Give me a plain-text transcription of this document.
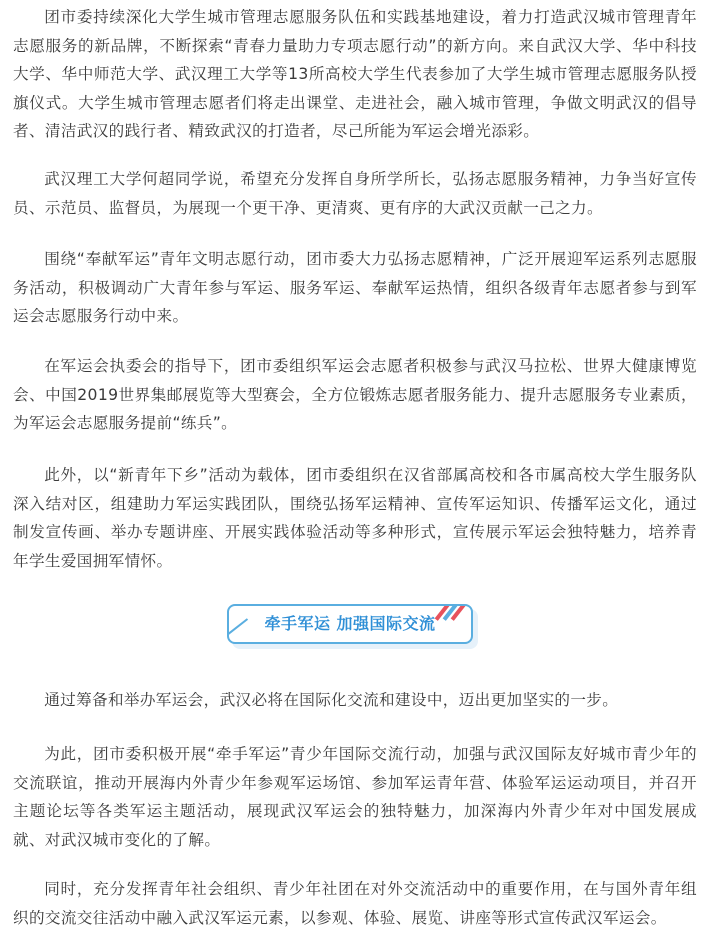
团市委持续深化大学生城市管理志愿服务队伍和实践基地建设，着力打造武汉城市管理青年志愿服务的新品牌，不断探索“青春力量助力专项志愿行动”的新方向。来自武汉大学、华中科技大学、华中师范大学、武汉理工大学等13所高校大学生代表参加了大学生城市管理志愿服务队授旗仪式。大学生城市管理志愿者们将走出课堂、走进社会，融入城市管理，争做文明武汉的倡导者、清洁武汉的践行者、精致武汉的打造者，尽己所能为军运会增光添彩。

武汉理工大学何超同学说，希望充分发挥自身所学所长，弘扬志愿服务精神，力争当好宣传员、示范员、监督员，为展现一个更干净、更清爽、更有序的大武汉贡献一己之力。

围绕“奉献军运”青年文明志愿行动，团市委大力弘扬志愿精神，广泛开展迎军运系列志愿服务活动，积极调动广大青年参与军运、服务军运、奉献军运热情，组织各级青年志愿者参与到军运会志愿服务行动中来。

在军运会执委会的指导下，团市委组织军运会志愿者积极参与武汉马拉松、世界大健康博览会、中国2019世界集邮展览等大型赛会，全方位锻炼志愿者服务能力、提升志愿服务专业素质，为军运会志愿服务提前“练兵”。

此外，以“新青年下乡”活动为载体，团市委组织在汉省部属高校和各市属高校大学生服务队深入结对区，组建助力军运实践团队，围绕弘扬军运精神、宣传军运知识、传播军运文化，通过制发宣传画、举办专题讲座、开展实践体验活动等多种形式，宣传展示军运会独特魅力，培养青年学生爱国拥军情怀。

牵手军运 加强国际交流

通过筹备和举办军运会，武汉必将在国际化交流和建设中，迈出更加坚实的一步。

为此，团市委积极开展“牵手军运”青少年国际交流行动，加强与武汉国际友好城市青少年的交流联谊，推动开展海内外青少年参观军运场馆、参加军运青年营、体验军运运动项目，并召开主题论坛等各类军运主题活动，展现武汉军运会的独特魅力，加深海内外青少年对中国发展成就、对武汉城市变化的了解。

同时，充分发挥青年社会组织、青少年社团在对外交流活动中的重要作用，在与国外青年组织的交流交往活动中融入武汉军运元素，以参观、体验、展览、讲座等形式宣传武汉军运会。
